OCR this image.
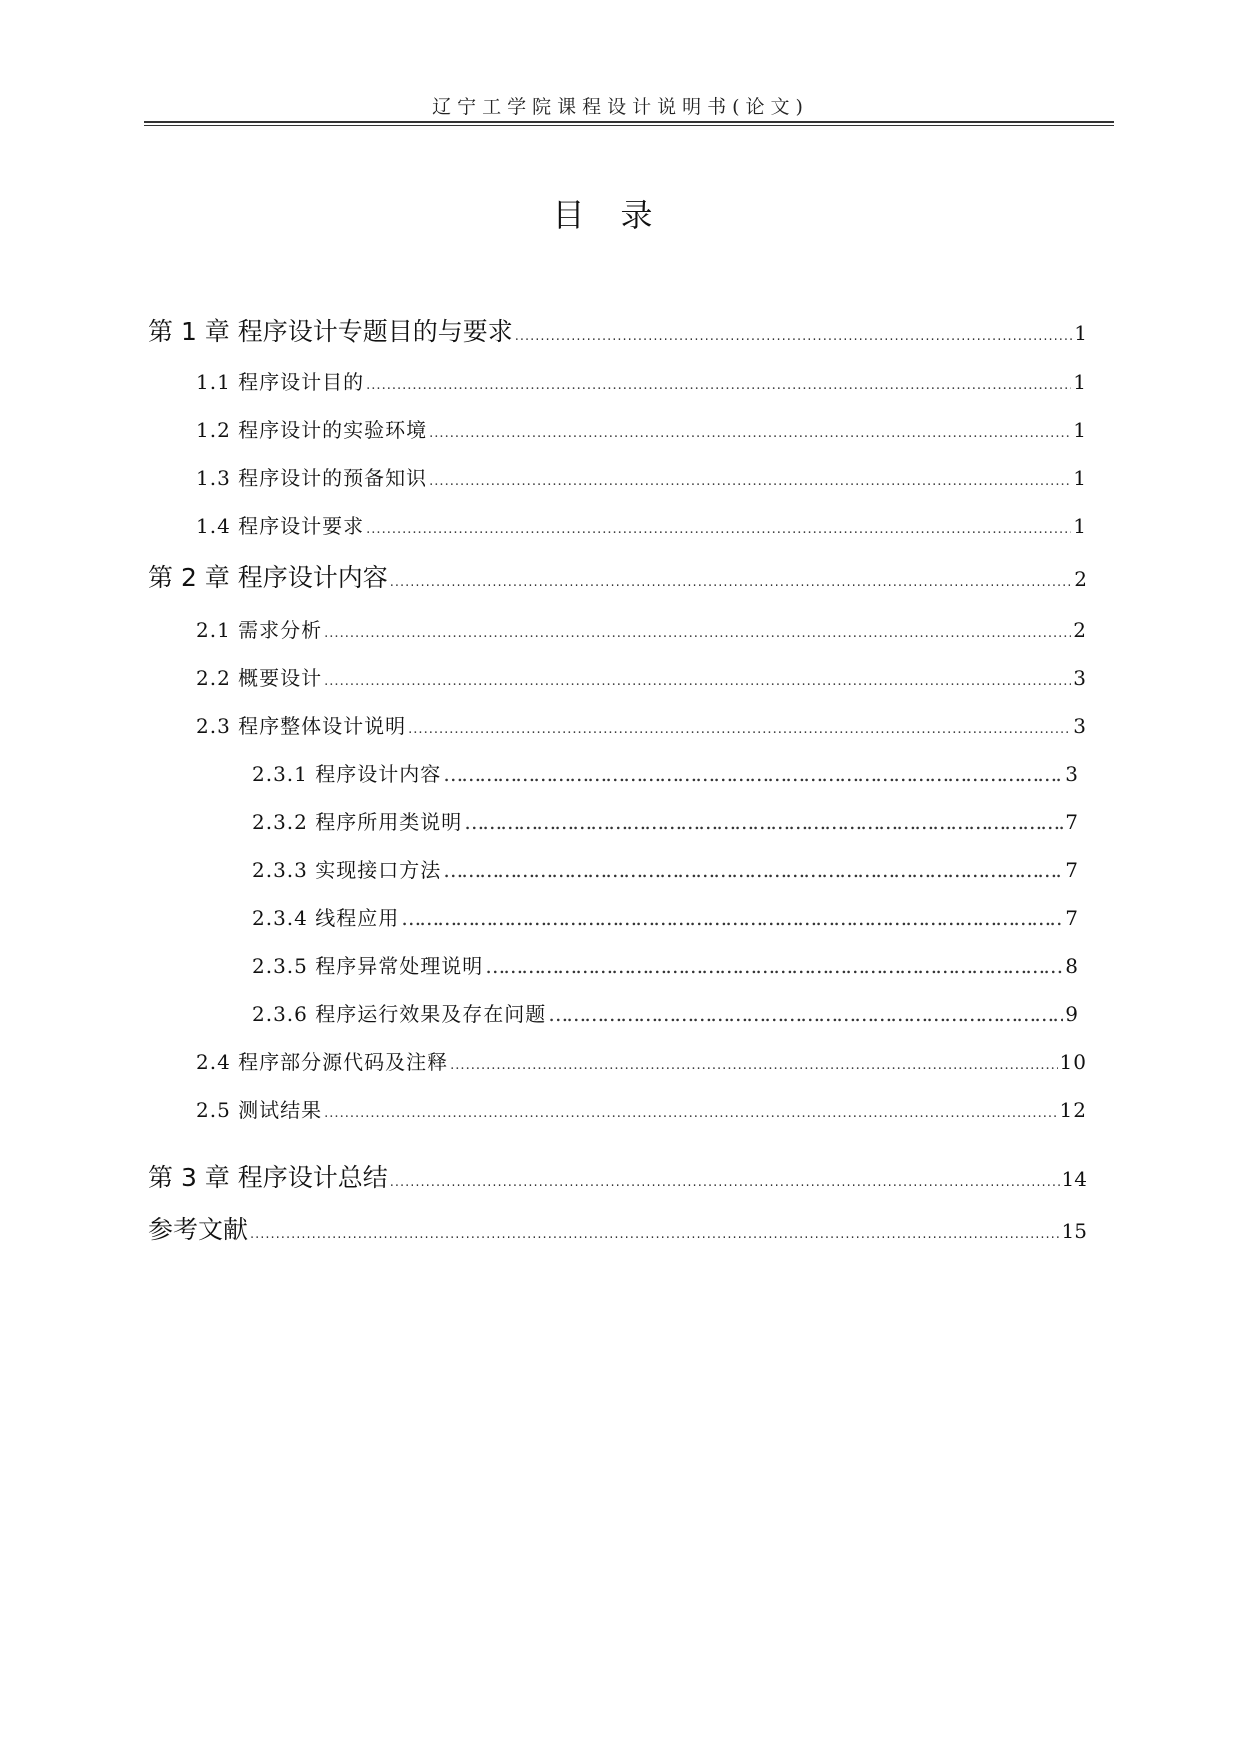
辽宁工学院课程设计说明书(论文)
目录
第 1 章 程序设计专题目的与要求 .....	1
1.1 程序设计目的 .....	1
1.2 程序设计的实验环境 .....	1
1.3 程序设计的预备知识 .....	1
1.4 程序设计要求 .....	1
第 2 章 程序设计内容 .....	2
2.1 需求分析 .....	2
2.2 概要设计 .....	3
2.3 程序整体设计说明 .....	3
2.3.1 程序设计内容 ……………………………………………………………………………………………………………………	3
2.3.2 程序所用类说明 ……………………………………………………………………………………………………………………	7
2.3.3 实现接口方法 ……………………………………………………………………………………………………………………	7
2.3.4 线程应用 ……………………………………………………………………………………………………………………	7
2.3.5 程序异常处理说明 ……………………………………………………………………………………………………………………	8
2.3.6 程序运行效果及存在问题 ……………………………………………………………………………………………………………………	9
2.4 程序部分源代码及注释 .....	10
2.5 测试结果 .....	12
第 3 章 程序设计总结 .....	14
参考文献 .....	15
